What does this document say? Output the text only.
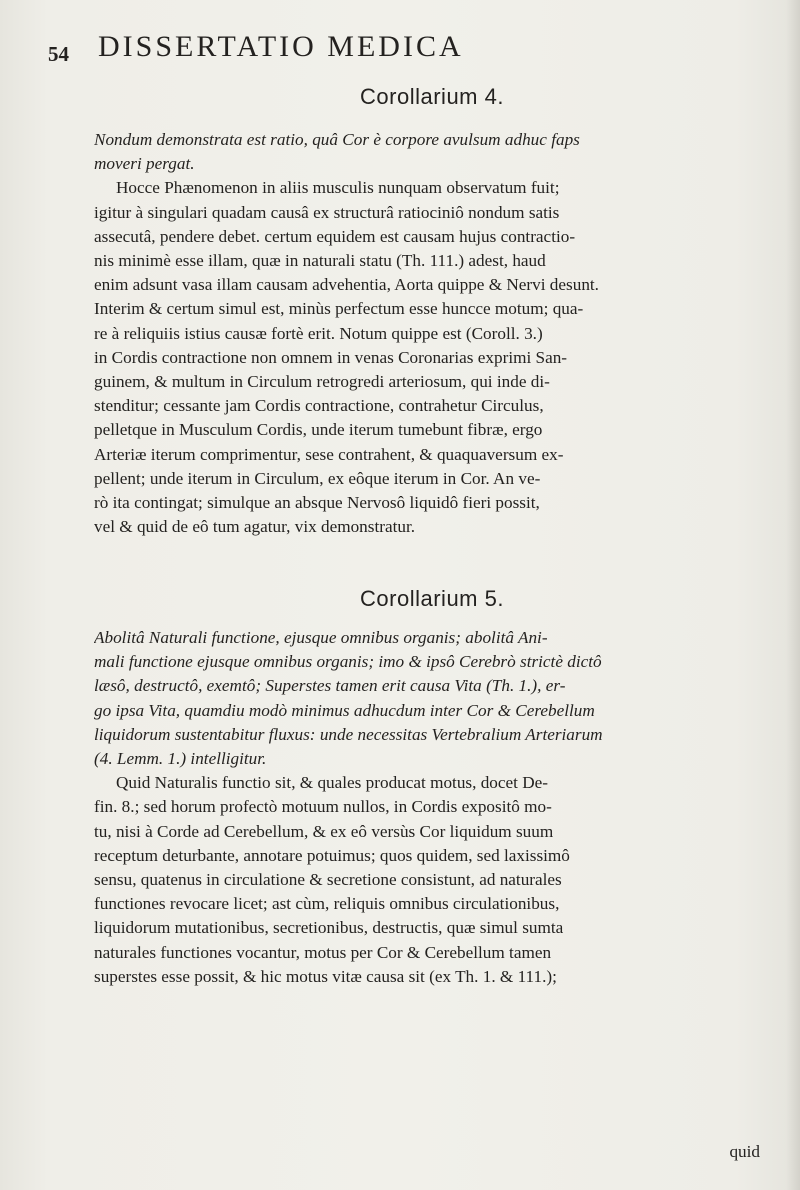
54 DISSERTATIO MEDICA
Corollarium 4.
Nondum demonstrata est ratio, quâ Cor è corpore avulsum adhuc faps
moveri pergat.
Hocce Phænomenon in aliis musculis nunquam observatum fuit;
igitur à singulari quadam causâ ex structurâ ratiociniô nondum satis
assecutâ, pendere debet. certum equidem est causam hujus contractio-
nis minimè esse illam, quæ in naturali statu (Th. 111.) adest, haud
enim adsunt vasa illam causam advehentia, Aorta quippe & Nervi desunt.
Interim & certum simul est, minùs perfectum esse huncce motum; qua-
re à reliquiis istius causæ fortè erit. Notum quippe est (Coroll. 3.)
in Cordis contractione non omnem in venas Coronarias exprimi San-
guinem, & multum in Circulum retrogredi arteriosum, qui inde di-
stenditur; cessante jam Cordis contractione, contrahetur Circulus,
pelletque in Musculum Cordis, unde iterum tumebunt fibræ, ergo
Arteriæ iterum comprimentur, sese contrahent, & quaquaversum ex-
pellent; unde iterum in Circulum, ex eôque iterum in Cor. An ve-
rò ita contingat; simulque an absque Nervosô liquidô fieri possit,
vel & quid de eô tum agatur, vix demonstratur.
Corollarium 5.
Abolitâ Naturali functione, ejusque omnibus organis; abolitâ Ani-
mali functione ejusque omnibus organis; imo & ipsô Cerebrò strictè dictô
læsô, destructô, exemtô; Superstes tamen erit causa Vita (Th. 1.), er-
go ipsa Vita, quamdiu modò minimus adhucdum inter Cor & Cerebellum
liquidorum sustentabitur fluxus: unde necessitas Vertebralium Arteriarum
(4. Lemm. 1.) intelligitur.
Quid Naturalis functio sit, & quales producat motus, docet De-
fin. 8.; sed horum profectò motuum nullos, in Cordis expositô mo-
tu, nisi à Corde ad Cerebellum, & ex eô versùs Cor liquidum suum
receptum deturbante, annotare potuimus; quos quidem, sed laxissimô
sensu, quatenus in circulatione & secretione consistunt, ad naturales
functiones revocare licet; ast cùm, reliquis omnibus circulationibus,
liquidorum mutationibus, secretionibus, destructis, quæ simul sumta
naturales functiones vocantur, motus per Cor & Cerebellum tamen
superstes esse possit, & hic motus vitæ causa sit (ex Th. 1. & 111.);
quid
